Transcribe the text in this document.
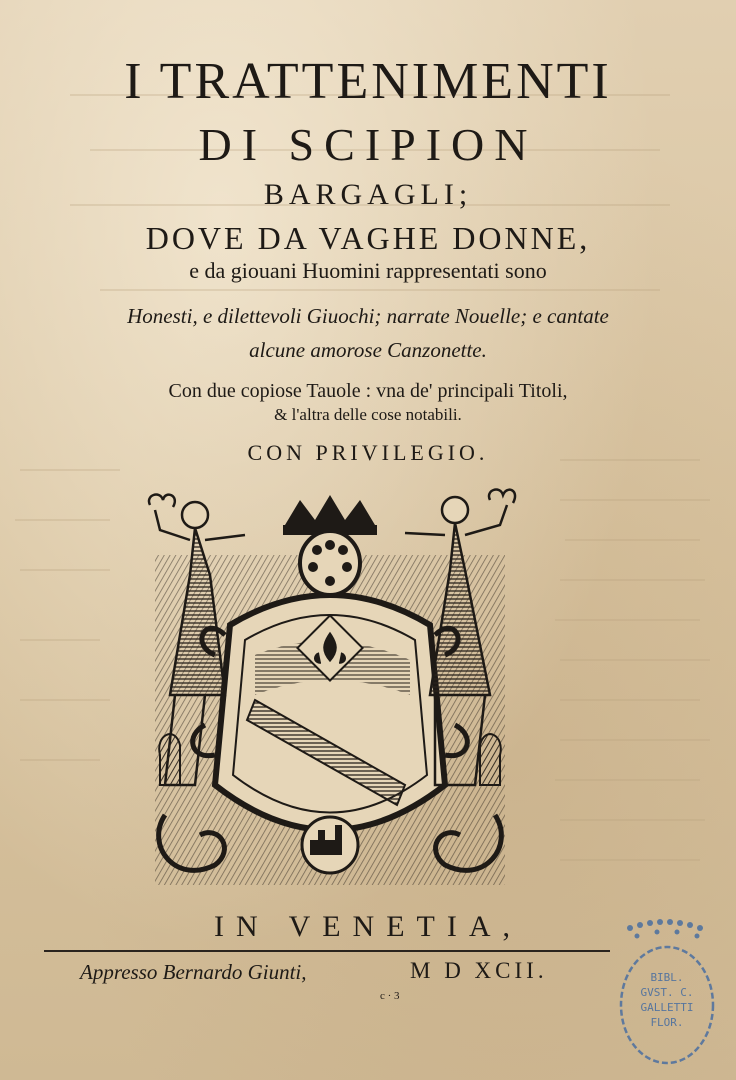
I TRATTENIMENTI
DI SCIPION
BARGAGLI;
DOVE DA VAGHE DONNE,
e da giouani Huomini rappresentati sono
Honesti, e dilettevoli Giuochi; narrate Nouelle; e cantate
alcune amorose Canzonette.
Con due copiose Tauole : vna de' principali Titoli,
& l'altra delle cose notabili.
CON PRIVILEGIO.
IN VENETIA,
Appresso Bernardo Giunti,	M D XCII.
c · 3
BIBL.
GVST. C.
GALLETTI
FLOR.
